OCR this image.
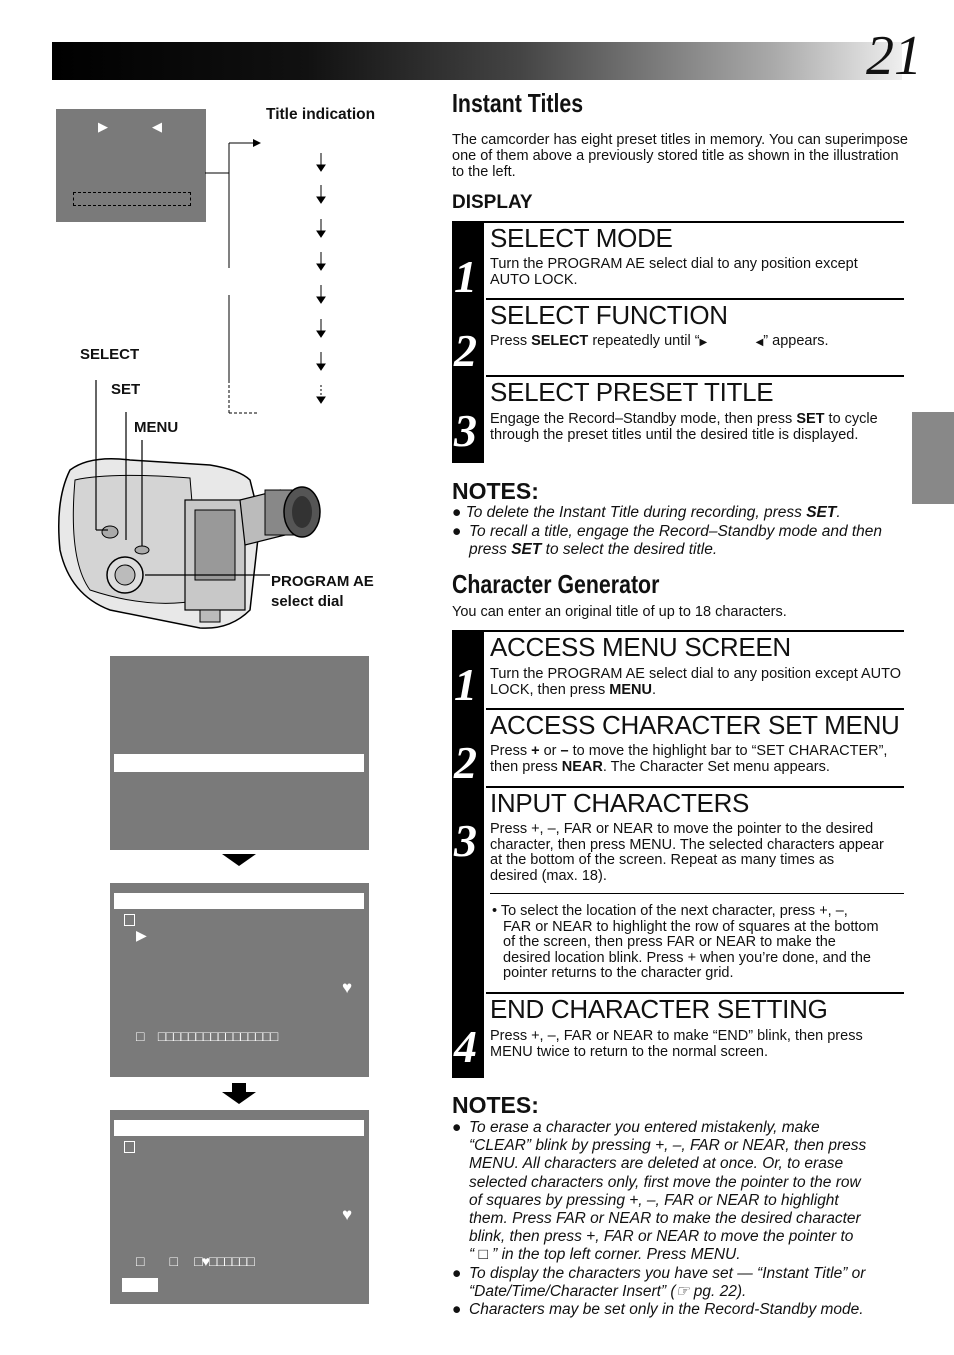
21
▶	◀
Title indication
SELECT
SET
MENU
PROGRAM AE
select dial
▶
♥
□     □□□□□□□□□□□□□□□□
♥
□         □      □♥□□□□□□
Instant Titles
The camcorder has eight preset titles in memory. You can superimpose one of them above a previously stored title as shown in the illustration to the left.
DISPLAY
1
SELECT MODE
Turn the PROGRAM AE select dial to any position except AUTO LOCK.
2
SELECT FUNCTION
Press SELECT repeatedly until “▶	◀” appears.
3
SELECT PRESET TITLE
Engage the Record–Standby mode, then press SET to cycle through the preset titles until the desired title is displayed.
NOTES:
● To delete the Instant Title during recording, press SET.
● To recall a title, engage the Record–Standby mode and then press SET to select the desired title.
Character Generator
You can enter an original title of up to 18 characters.
1
ACCESS MENU SCREEN
Turn the PROGRAM AE select dial to any position except AUTO LOCK, then press MENU.
2
ACCESS CHARACTER SET MENU
Press + or – to move the highlight bar to “SET CHARACTER”, then press NEAR. The Character Set menu appears.
3
INPUT CHARACTERS
Press +, –, FAR or NEAR to move the pointer to the desired
character, then press MENU. The selected characters appear
at the bottom of the screen. Repeat as many times as
desired (max. 18).
• To select the location of the next character, press +, –,
FAR or NEAR to highlight the row of squares at the bottom
of the screen, then press FAR or NEAR to make the
desired location blink. Press + when you’re done, and the
pointer returns to the character grid.
4
END CHARACTER SETTING
Press +, –, FAR or NEAR to make “END” blink, then press
MENU twice to return to the normal screen.
NOTES:
● To erase a character you entered mistakenly, make
“CLEAR” blink by pressing +, –, FAR or NEAR, then press
MENU. All characters are deleted at once. Or, to erase
selected characters only, first move the pointer to the row
of squares by pressing +, –, FAR or NEAR to highlight
them. Press FAR or NEAR to make the desired character
blink, then press +, FAR or NEAR to move the pointer to
“ □ ” in the top left corner. Press MENU.
● To display the characters you have set — “Instant Title” or
“Date/Time/Character Insert” (☞ pg. 22).
● Characters may be set only in the Record-Standby mode.
